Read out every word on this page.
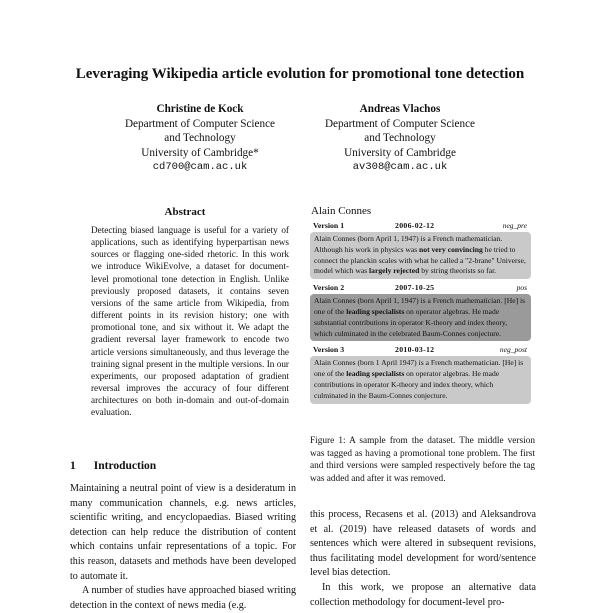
Leveraging Wikipedia article evolution for promotional tone detection
Christine de Kock
Department of Computer Science
and Technology
University of Cambridge*
cd700@cam.ac.uk
Andreas Vlachos
Department of Computer Science
and Technology
University of Cambridge
av308@cam.ac.uk
Abstract
Detecting biased language is useful for a variety of applications, such as identifying hyperpartisan news sources or flagging one-sided rhetoric. In this work we introduce WikiEvolve, a dataset for document-level promotional tone detection in English. Unlike previously proposed datasets, it contains seven versions of the same article from Wikipedia, from different points in its revision history; one with promotional tone, and six without it. We adapt the gradient reversal layer framework to encode two article versions simultaneously, and thus leverage the training signal present in the multiple versions. In our experiments, our proposed adaptation of gradient reversal improves the accuracy of four different architectures on both in-domain and out-of-domain evaluation.
Alain Connes
Version 1	2006-02-12	neg_pre
Alain Connes (born April 1, 1947) is a French mathematician. Although his work in physics was not very convincing he tried to connect the planckin scales with what he called a "2-brane" Universe, model which was largely rejected by string theorists so far.
Version 2	2007-10-25	pos
Alain Connes (born April 1, 1947) is a French mathematician. [He] is one of the leading specialists on operator algebras. He made substantial contributions in operator K-theory and index theory, which culminated in the celebrated Baum-Connes conjecture.
Version 3	2010-03-12	neg_post
Alain Connes (born 1 April 1947) is a French mathematician. [He] is one of the leading specialists on operator algebras. He made contributions in operator K-theory and index theory, which culminated in the Baum-Connes conjecture.
Figure 1: A sample from the dataset. The middle version was tagged as having a promotional tone problem. The first and third versions were sampled respectively before the tag was added and after it was removed.
1 Introduction

Maintaining a neutral point of view is a desideratum in many communication channels, e.g. news articles, scientific writing, and encyclopaedias. Biased writing detection can help reduce the distribution of content which contains unfair representations of a topic. For this reason, datasets and methods have been developed to automate it.

A number of studies have approached biased writing detection in the context of news media (e.g.

this process, Recasens et al. (2013) and Aleksandrova et al. (2019) have released datasets of words and sentences which were altered in subsequent revisions, thus facilitating model development for word/sentence level bias detection.

In this work, we propose an alternative data collection methodology for document-level pro-
